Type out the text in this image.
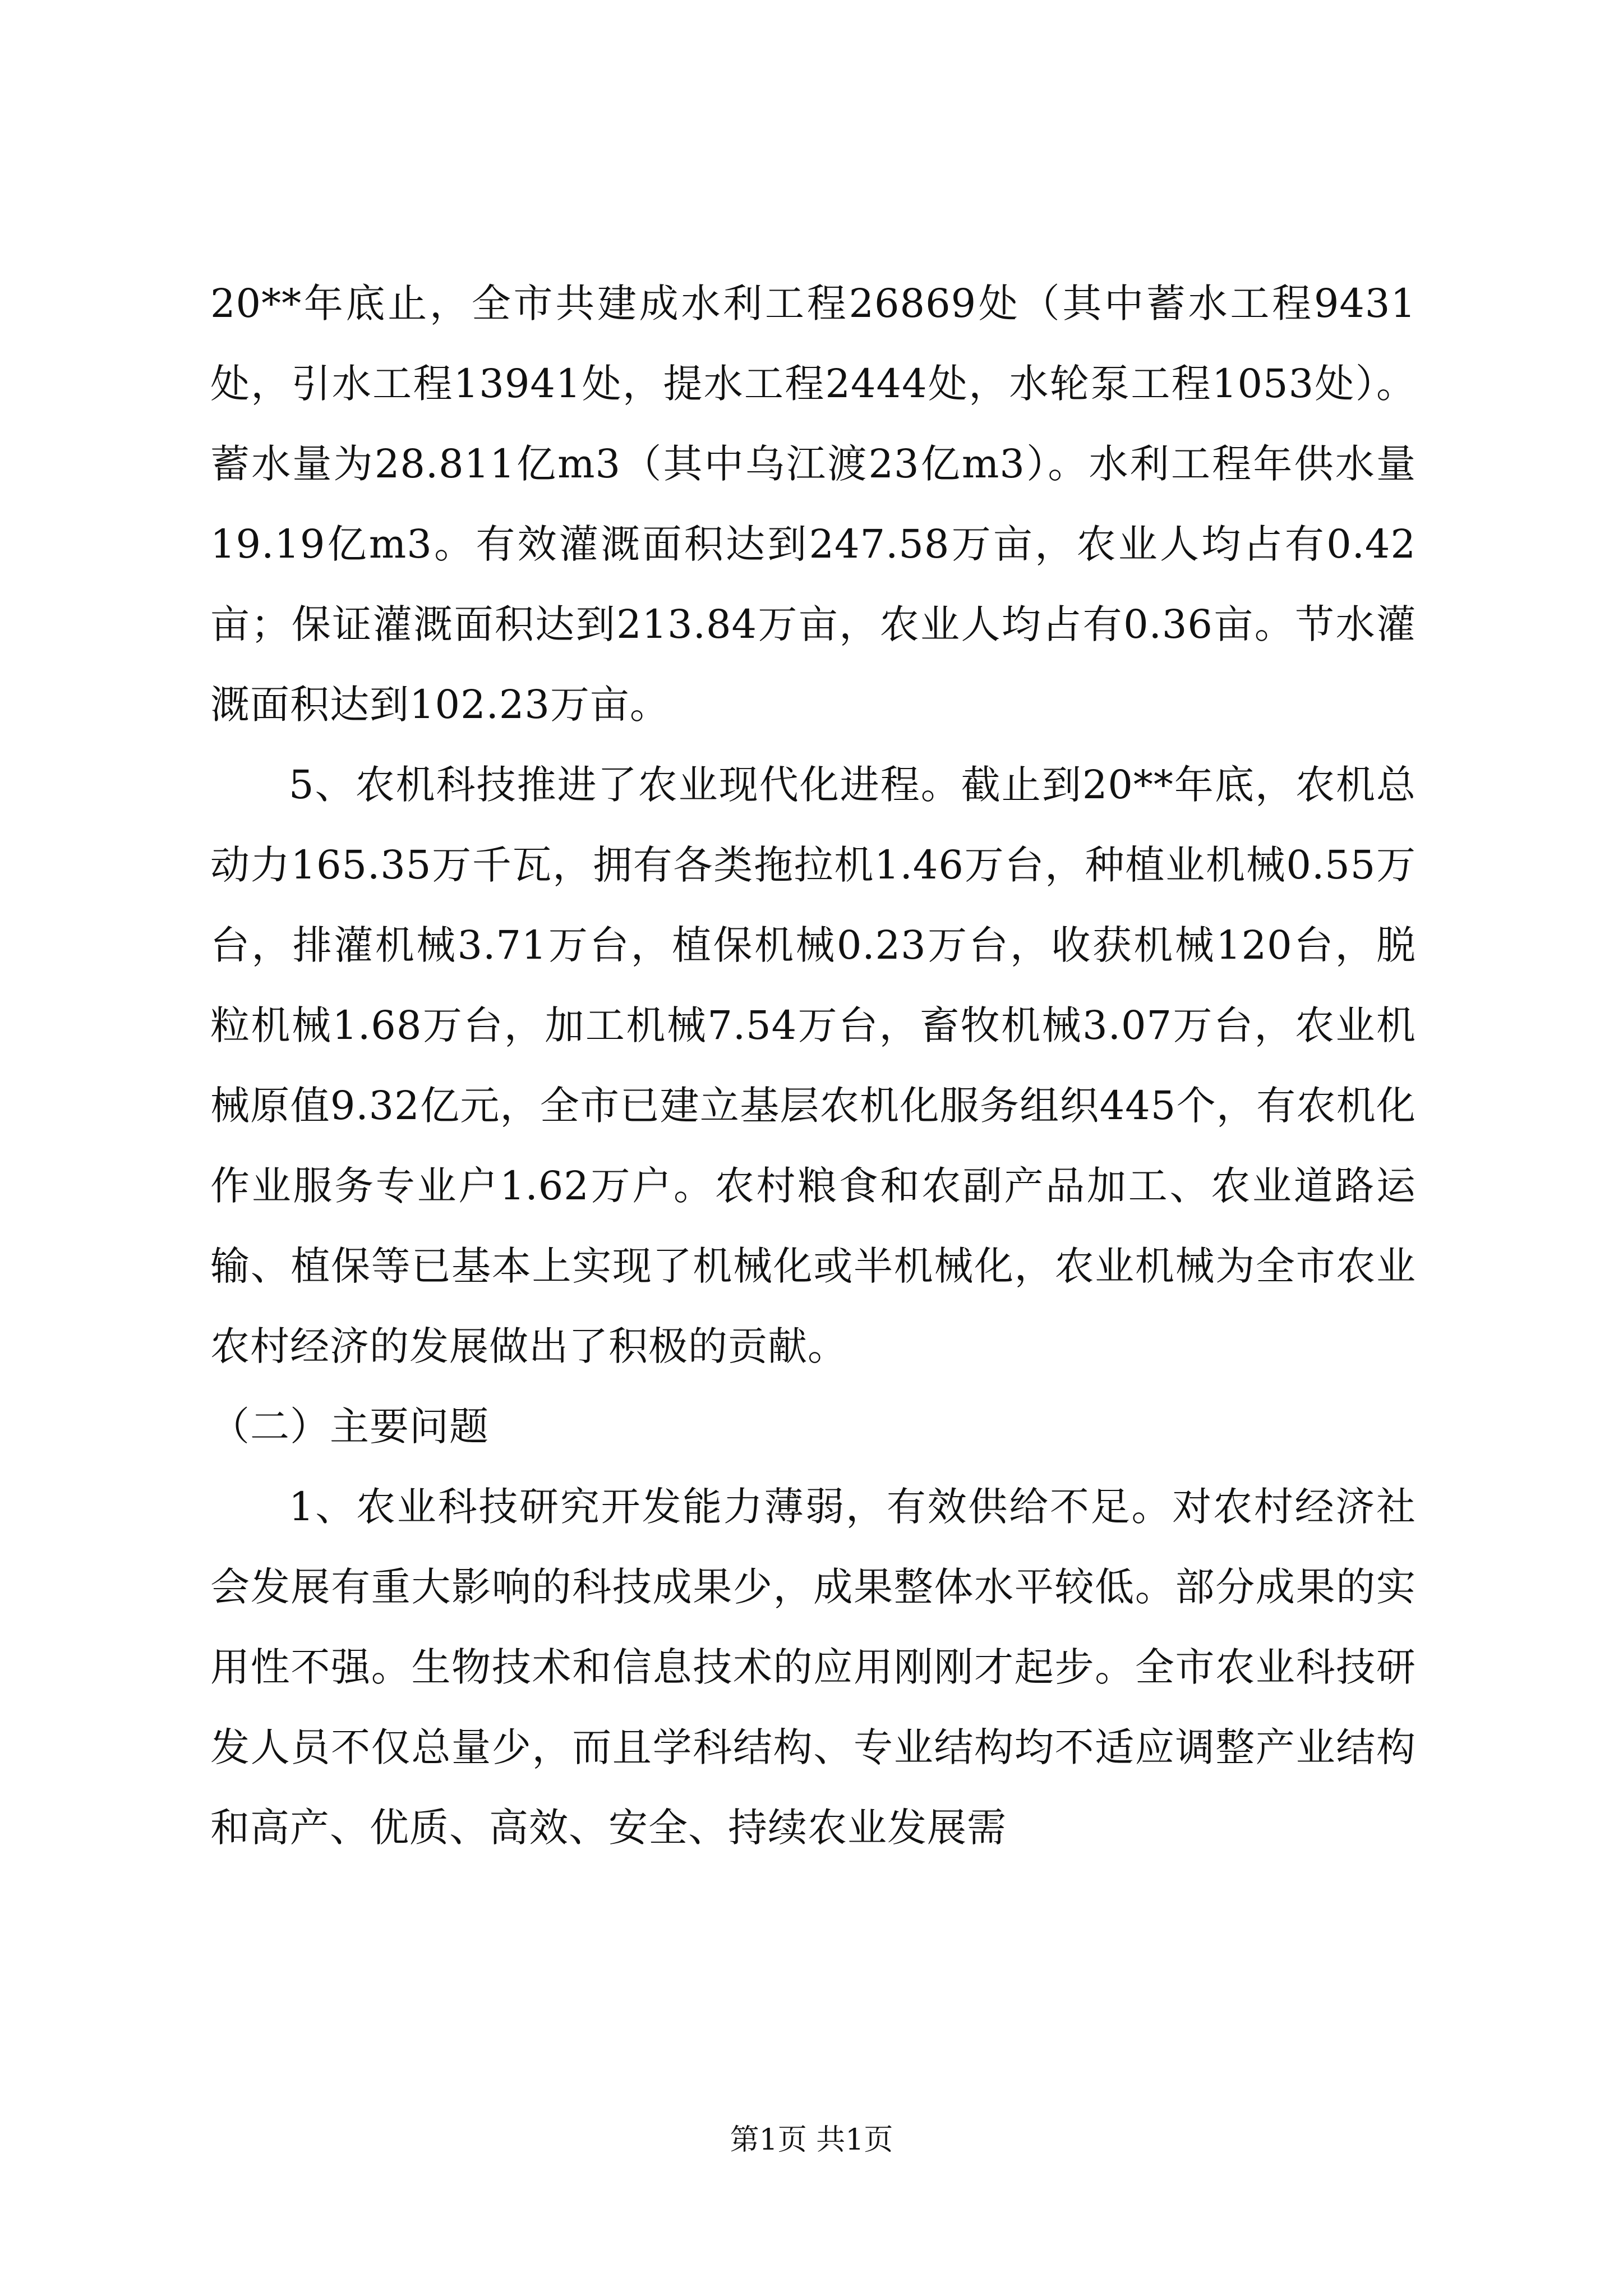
20**年底止，全市共建成水利工程26869处（其中蓄水工程9431处，引水工程13941处，提水工程2444处，水轮泵工程1053处）。蓄水量为28.811亿m3（其中乌江渡23亿m3）。水利工程年供水量19.19亿m3。有效灌溉面积达到247.58万亩，农业人均占有0.42亩；保证灌溉面积达到213.84万亩，农业人均占有0.36亩。节水灌溉面积达到102.23万亩。

5、农机科技推进了农业现代化进程。截止到20**年底，农机总动力165.35万千瓦，拥有各类拖拉机1.46万台，种植业机械0.55万台，排灌机械3.71万台，植保机械0.23万台，收获机械120台，脱粒机械1.68万台，加工机械7.54万台，畜牧机械3.07万台，农业机械原值9.32亿元，全市已建立基层农机化服务组织445个，有农机化作业服务专业户1.62万户。农村粮食和农副产品加工、农业道路运输、植保等已基本上实现了机械化或半机械化，农业机械为全市农业农村经济的发展做出了积极的贡献。

（二）主要问题

1、农业科技研究开发能力薄弱，有效供给不足。对农村经济社会发展有重大影响的科技成果少，成果整体水平较低。部分成果的实用性不强。生物技术和信息技术的应用刚刚才起步。全市农业科技研发人员不仅总量少，而且学科结构、专业结构均不适应调整产业结构和高产、优质、高效、安全、持续农业发展需

第1页 共1页
